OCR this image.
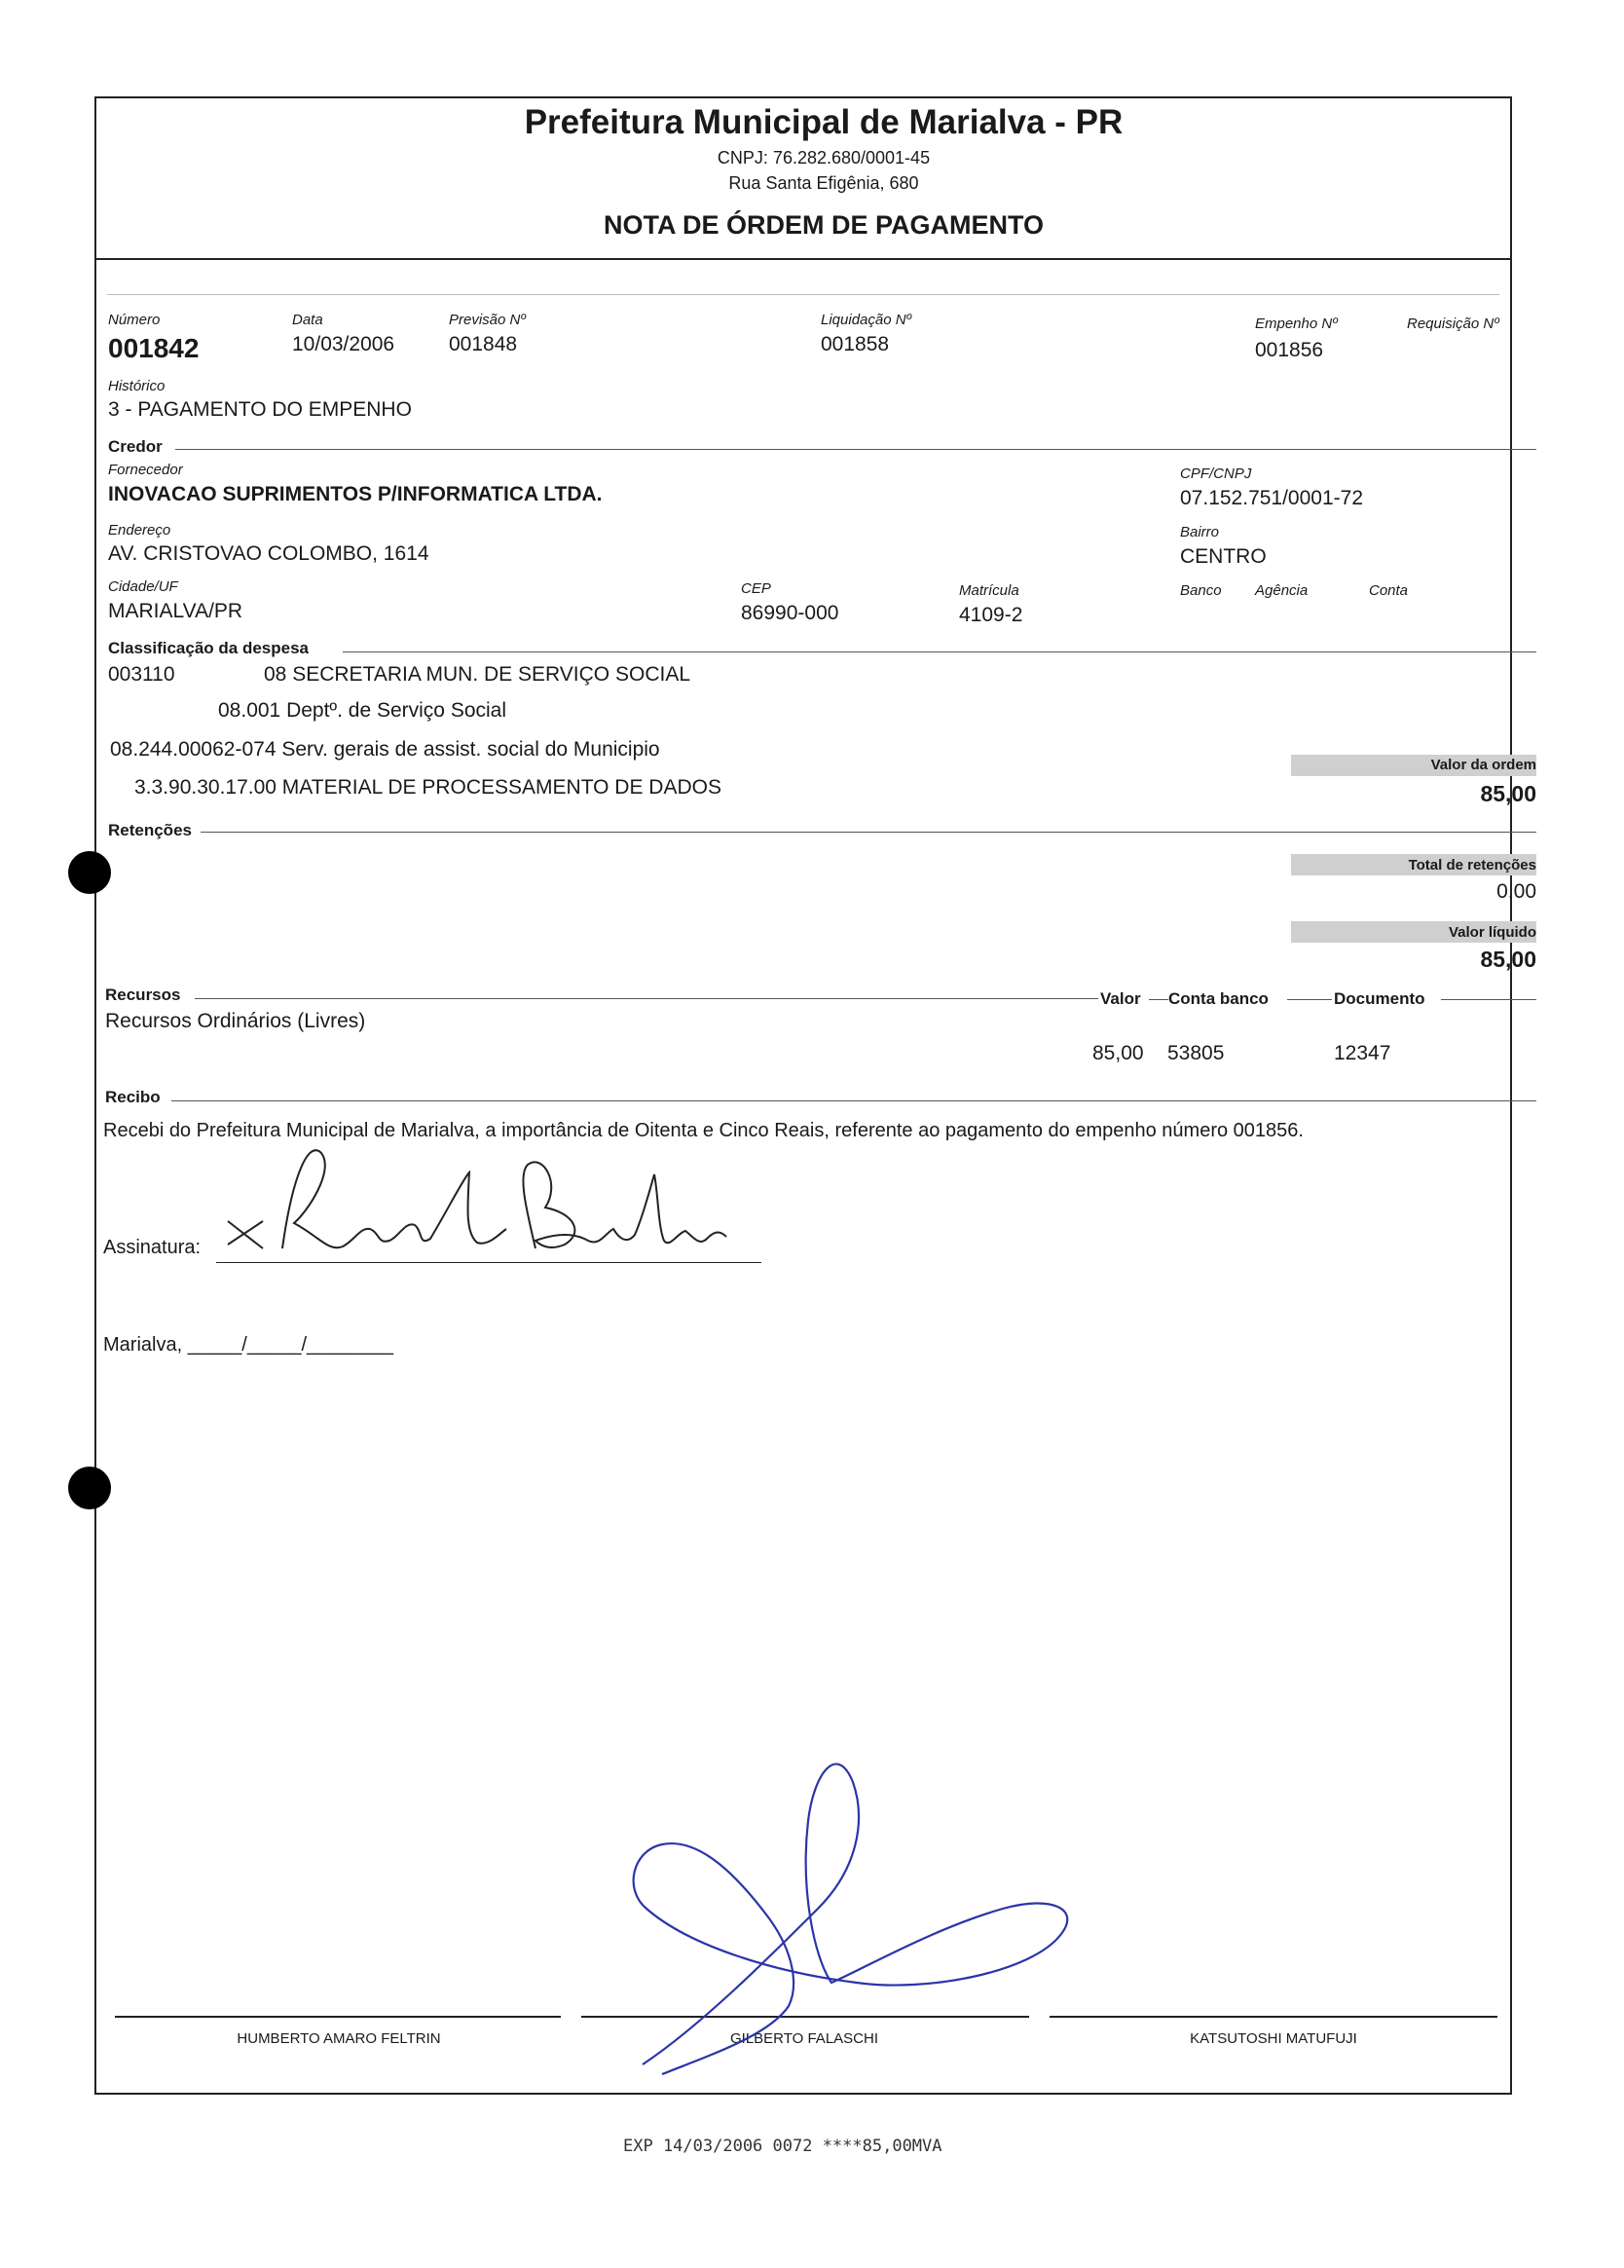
Prefeitura Municipal de Marialva - PR
CNPJ: 76.282.680/0001-45
Rua Santa Efigênia, 680
NOTA DE ÓRDEM DE PAGAMENTO
Número
001842
Data
10/03/2006
Previsão Nº
001848
Liquidação Nº
001858
Empenho Nº
001856
Requisição Nº
Histórico
3 - PAGAMENTO DO EMPENHO
Credor
Fornecedor
INOVACAO SUPRIMENTOS P/INFORMATICA LTDA.
CPF/CNPJ
07.152.751/0001-72
Endereço
AV. CRISTOVAO COLOMBO, 1614
Bairro
CENTRO
Cidade/UF
MARIALVA/PR
CEP
86990-000
Matrícula
4109-2
Banco Agência	Conta
Classificação da despesa
003110	08 SECRETARIA MUN. DE SERVIÇO SOCIAL
08.001 Deptº. de Serviço Social
08.244.00062-074 Serv. gerais de assist. social do Municipio
3.3.90.30.17.00 MATERIAL DE PROCESSAMENTO DE DADOS
Valor da ordem
85,00
Retenções
Total de retenções
0,00
Valor líquido
85,00
Recursos	Valor Conta banco	Documento
Recursos Ordinários (Livres)
85,00 53805	12347
Recibo
Recebi do Prefeitura Municipal de Marialva, a importância de Oitenta e Cinco Reais, referente ao pagamento do empenho número 001856.
Assinatura:
Marialva, _____/_____/________
HUMBERTO AMARO FELTRIN	GILBERTO FALASCHI	KATSUTOSHI MATUFUJI
EXP 14/03/2006 0072 ****85,00MVA
